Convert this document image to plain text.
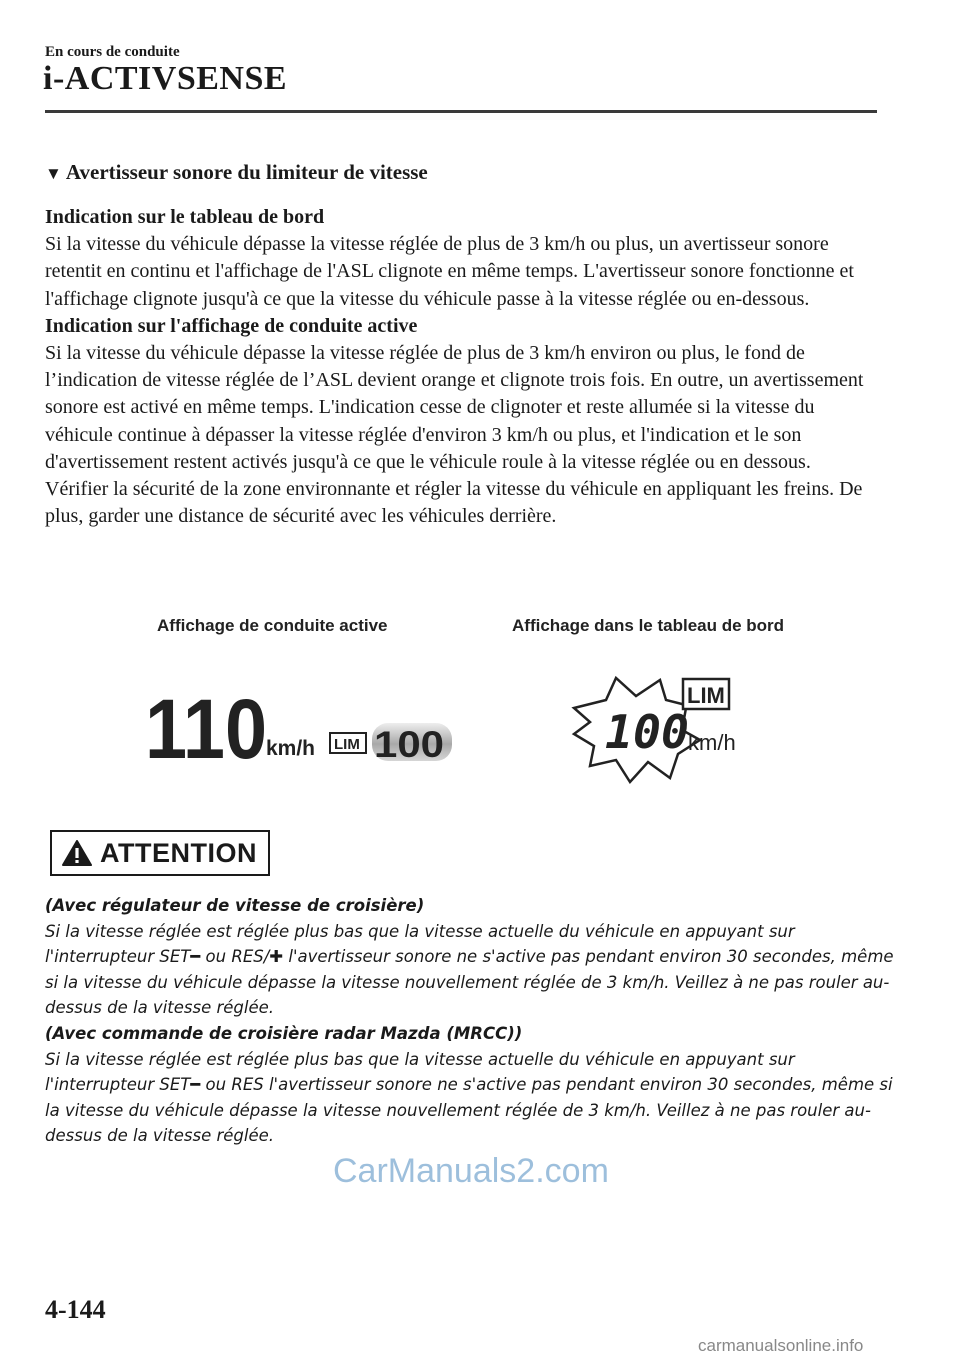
En cours de conduite
i-ACTIVSENSE
▼ Avertisseur sonore du limiteur de vitesse

Indication sur le tableau de bord

Si la vitesse du véhicule dépasse la vitesse réglée de plus de 3 km/h ou plus, un avertisseur sonore retentit en continu et l'affichage de l'ASL clignote en même temps. L'avertisseur sonore fonctionne et l'affichage clignote jusqu'à ce que la vitesse du véhicule passe à la vitesse réglée ou en-dessous.

Indication sur l'affichage de conduite active

Si la vitesse du véhicule dépasse la vitesse réglée de plus de 3 km/h environ ou plus, le fond de l’indication de vitesse réglée de l’ASL devient orange et clignote trois fois. En outre, un avertissement sonore est activé en même temps. L'indication cesse de clignoter et reste allumée si la vitesse du véhicule continue à dépasser la vitesse réglée d'environ 3 km/h ou plus, et l'indication et le son d'avertissement restent activés jusqu'à ce que le véhicule roule à la vitesse réglée ou en dessous.

Vérifier la sécurité de la zone environnante et régler la vitesse du véhicule en appliquant les freins. De plus, garder une distance de sécurité avec les véhicules derrière.

Affichage de conduite active	Affichage dans le tableau de bord
110 km/h LIM 100
LIM
100 km/h
ATTENTION

(Avec régulateur de vitesse de croisière)

Si la vitesse réglée est réglée plus bas que la vitesse actuelle du véhicule en appuyant sur l'interrupteur SET━ ou RES/✚ l'avertisseur sonore ne s'active pas pendant environ 30 secondes, même si la vitesse du véhicule dépasse la vitesse nouvellement réglée de 3 km/h. Veillez à ne pas rouler au-dessus de la vitesse réglée.

(Avec commande de croisière radar Mazda (MRCC))

Si la vitesse réglée est réglée plus bas que la vitesse actuelle du véhicule en appuyant sur l'interrupteur SET━ ou RES l'avertisseur sonore ne s'active pas pendant environ 30 secondes, même si la vitesse du véhicule dépasse la vitesse nouvellement réglée de 3 km/h. Veillez à ne pas rouler au-dessus de la vitesse réglée.

CarManuals2.com
4-144
carmanualsonline.info
